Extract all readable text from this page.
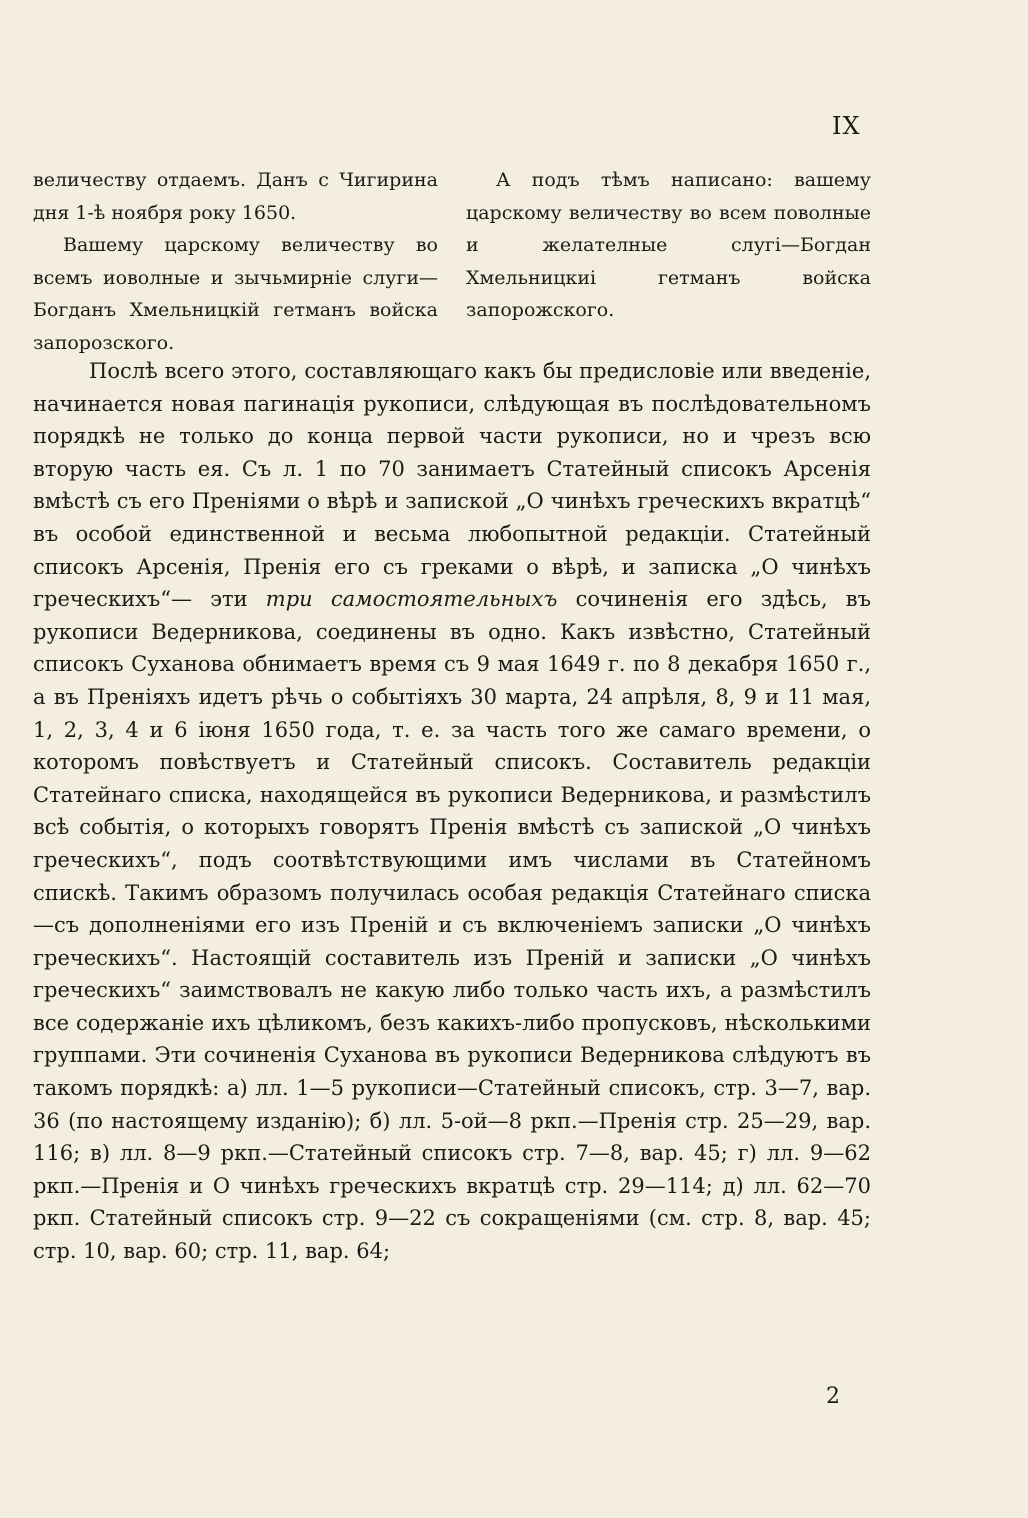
IX

величеству отдаемъ. Данъ с Чигирина дня 1-ѣ ноября року 1650.

Вашему царскому величеству во всемъ иоволные и зычьмирніе слуги—Богданъ Хмельницкій гетманъ войска запорозского.

А подъ тѣмъ написано: вашему царскому величеству во всем поволные и желателные слугі—Богдан Хмельницкиі гетманъ войска запорожского.

Послѣ всего этого, составляющаго какъ бы предисловіе или введеніе, начинается новая пагинація рукописи, слѣдующая въ послѣдовательномъ порядкѣ не только до конца первой части рукописи, но и чрезъ всю вторую часть ея. Съ л. 1 по 70 занимаетъ Статейный списокъ Арсенія вмѣстѣ съ его Преніями о вѣрѣ и запиской „О чинѣхъ греческихъ вкратцѣ“ въ особой единственной и весьма любопытной редакціи. Статейный списокъ Арсенія, Пренія его съ греками о вѣрѣ, и записка „О чинѣхъ греческихъ“— эти три самостоятельныхъ сочиненія его здѣсь, въ рукописи Ведерникова, соединены въ одно. Какъ извѣстно, Статейный списокъ Суханова обнимаетъ время съ 9 мая 1649 г. по 8 декабря 1650 г., а въ Преніяхъ идетъ рѣчь о событіяхъ 30 марта, 24 апрѣля, 8, 9 и 11 мая, 1, 2, 3, 4 и 6 іюня 1650 года, т. е. за часть того же самаго времени, о которомъ повѣствуетъ и Статейный списокъ. Составитель редакціи Статейнаго списка, находящейся въ рукописи Ведерникова, и размѣстилъ всѣ событія, о которыхъ говорятъ Пренія вмѣстѣ съ запиской „О чинѣхъ греческихъ“, подъ соотвѣтствующими имъ числами въ Статейномъ спискѣ. Такимъ образомъ получилась особая редакція Статейнаго списка—съ дополненіями его изъ Преній и съ включеніемъ записки „О чинѣхъ греческихъ“. Настоящій составитель изъ Преній и записки „О чинѣхъ греческихъ“ заимствовалъ не какую либо только часть ихъ, а размѣстилъ все содержаніе ихъ цѣликомъ, безъ какихъ-либо пропусковъ, нѣсколькими группами. Эти сочиненія Суханова въ рукописи Ведерникова слѣдуютъ въ такомъ порядкѣ: а) лл. 1—5 рукописи—Статейный списокъ, стр. 3—7, вар. 36 (по настоящему изданію); б) лл. 5-ой—8 ркп.—Пренія стр. 25—29, вар. 116; в) лл. 8—9 ркп.—Статейный списокъ стр. 7—8, вар. 45; г) лл. 9—62 ркп.—Пренія и О чинѣхъ греческихъ вкратцѣ стр. 29—114; д) лл. 62—70 ркп. Статейный списокъ стр. 9—22 съ сокращеніями (см. стр. 8, вар. 45; стр. 10, вар. 60; стр. 11, вар. 64;

2
